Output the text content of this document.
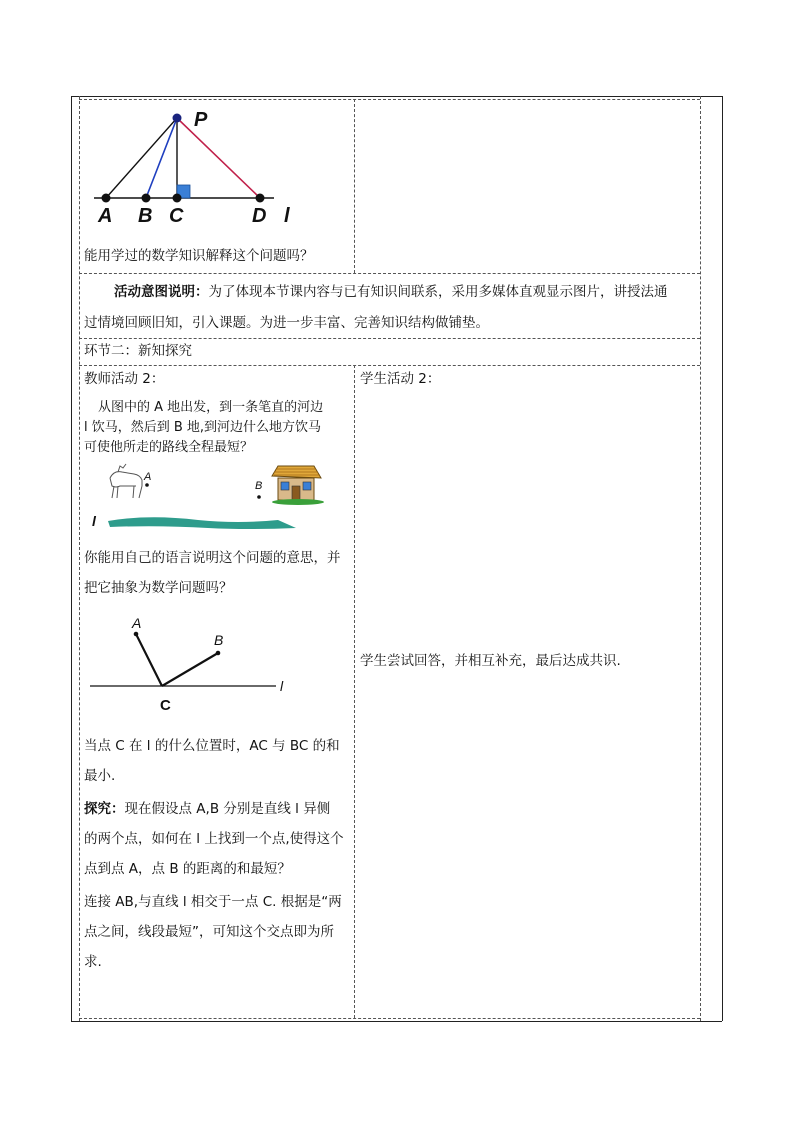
P
A B C	D l
能用学过的数学知识解释这个问题吗？
活动意图说明：为了体现本节课内容与已有知识间联系，采用多媒体直观显示图片，讲授法通
过情境回顾旧知，引入课题。为进一步丰富、完善知识结构做铺垫。
环节二：新知探究
教师活动 2：
从图中的 A 地出发，到一条笔直的河边
l 饮马，然后到 B 地,到河边什么地方饮马
可使他所走的路线全程最短？
A
B
l
你能用自己的语言说明这个问题的意思，并
把它抽象为数学问题吗？
A
B
C
l
当点 C 在 l 的什么位置时，AC 与 BC 的和
最小.
探究：现在假设点 A,B 分别是直线 l 异侧
的两个点，如何在 l 上找到一个点,使得这个
点到点 A，点 B 的距离的和最短？
连接 AB,与直线 l 相交于一点 C. 根据是“两
点之间，线段最短”，可知这个交点即为所
求.
学生活动 2：
学生尝试回答，并相互补充，最后达成共识.
